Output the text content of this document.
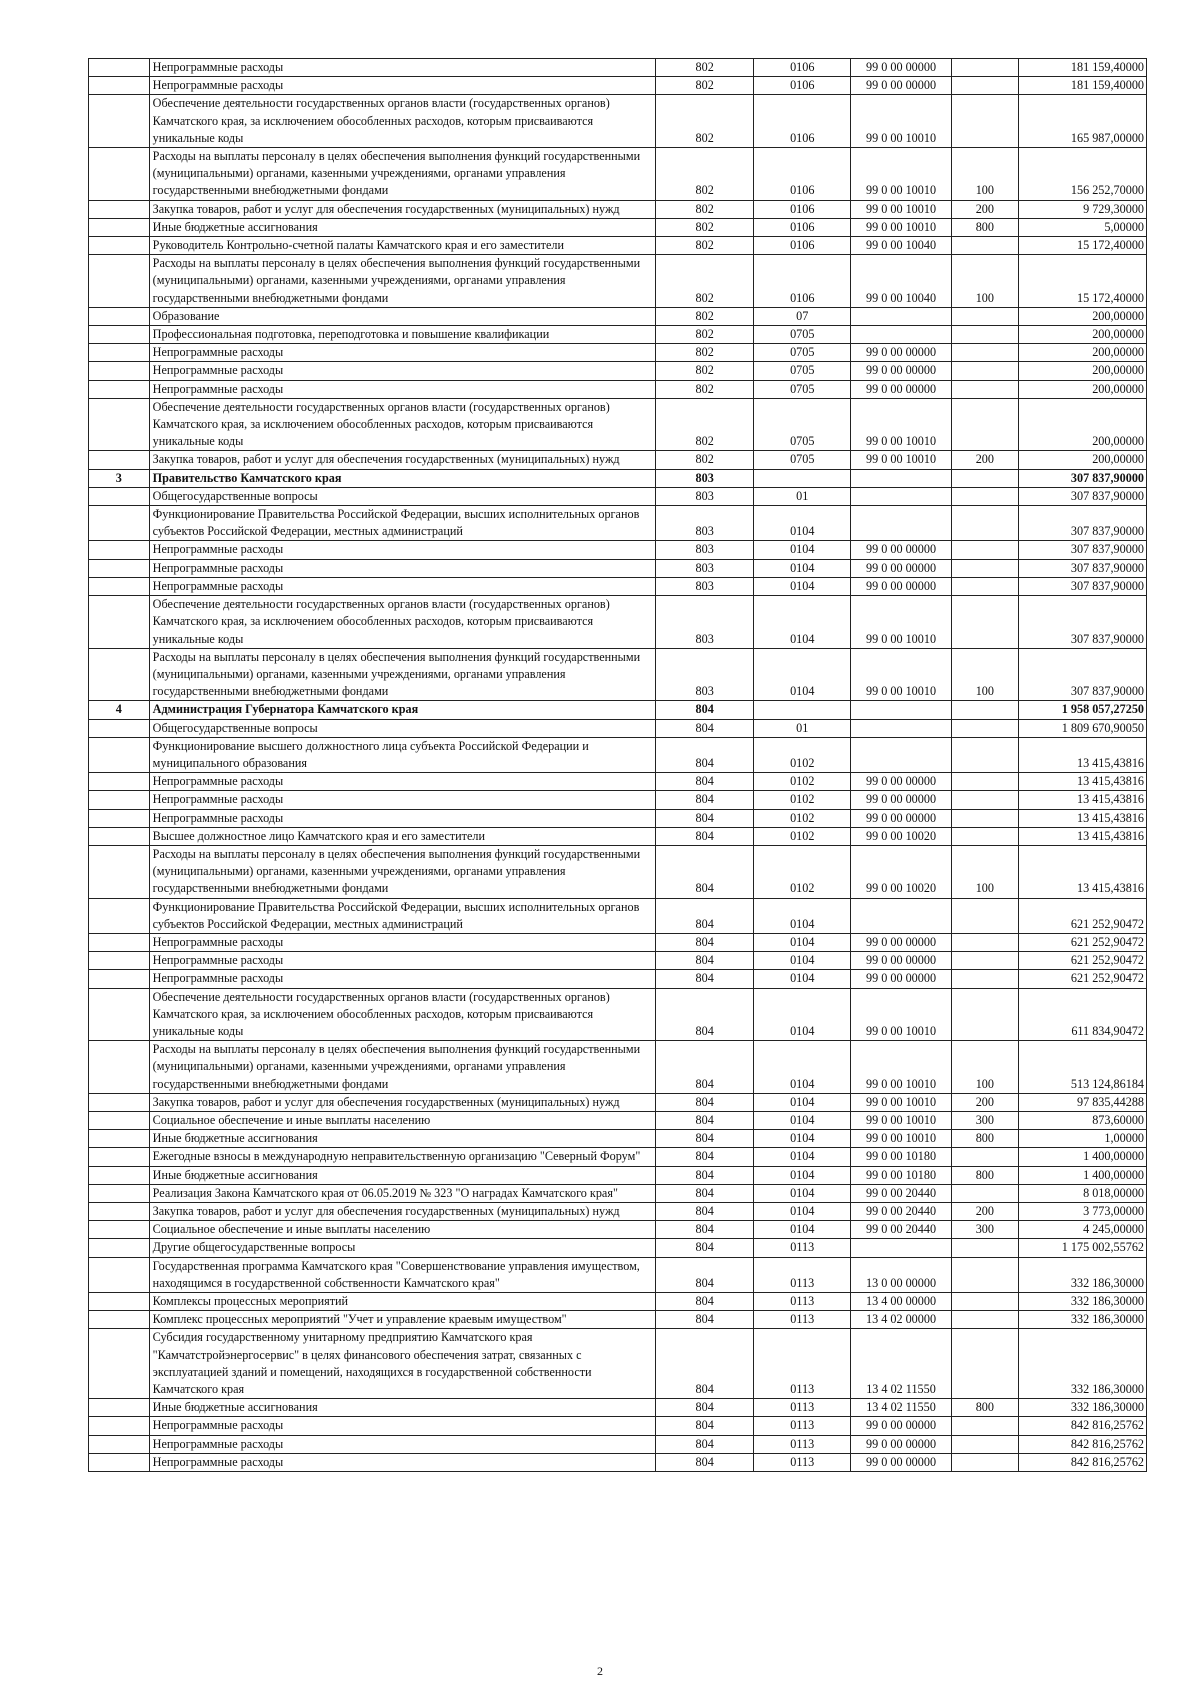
	Непрограммные расходы	802	0106	99 0 00 00000		181 159,40000
	Непрограммные расходы	802	0106	99 0 00 00000		181 159,40000
	Обеспечение деятельности государственных органов власти (государственных органов) Камчатского края, за исключением обособленных расходов, которым присваиваются уникальные коды	802	0106	99 0 00 10010		165 987,00000
	Расходы на выплаты персоналу в целях обеспечения выполнения функций государственными (муниципальными) органами, казенными учреждениями, органами управления государственными внебюджетными фондами	802	0106	99 0 00 10010	100	156 252,70000
	Закупка товаров, работ и услуг для обеспечения государственных (муниципальных) нужд	802	0106	99 0 00 10010	200	9 729,30000
	Иные бюджетные ассигнования	802	0106	99 0 00 10010	800	5,00000
	Руководитель Контрольно-счетной палаты Камчатского края и его заместители	802	0106	99 0 00 10040		15 172,40000
	Расходы на выплаты персоналу в целях обеспечения выполнения функций государственными (муниципальными) органами, казенными учреждениями, органами управления государственными внебюджетными фондами	802	0106	99 0 00 10040	100	15 172,40000
	Образование	802	07			200,00000
	Профессиональная подготовка, переподготовка и повышение квалификации	802	0705			200,00000
	Непрограммные расходы	802	0705	99 0 00 00000		200,00000
	Непрограммные расходы	802	0705	99 0 00 00000		200,00000
	Непрограммные расходы	802	0705	99 0 00 00000		200,00000
	Обеспечение деятельности государственных органов власти (государственных органов) Камчатского края, за исключением обособленных расходов, которым присваиваются уникальные коды	802	0705	99 0 00 10010		200,00000
	Закупка товаров, работ и услуг для обеспечения государственных (муниципальных) нужд	802	0705	99 0 00 10010	200	200,00000
3	Правительство Камчатского края	803				307 837,90000
	Общегосударственные вопросы	803	01			307 837,90000
	Функционирование Правительства Российской Федерации, высших исполнительных органов субъектов Российской Федерации, местных администраций	803	0104			307 837,90000
	Непрограммные расходы	803	0104	99 0 00 00000		307 837,90000
	Непрограммные расходы	803	0104	99 0 00 00000		307 837,90000
	Непрограммные расходы	803	0104	99 0 00 00000		307 837,90000
	Обеспечение деятельности государственных органов власти (государственных органов) Камчатского края, за исключением обособленных расходов, которым присваиваются уникальные коды	803	0104	99 0 00 10010		307 837,90000
	Расходы на выплаты персоналу в целях обеспечения выполнения функций государственными (муниципальными) органами, казенными учреждениями, органами управления государственными внебюджетными фондами	803	0104	99 0 00 10010	100	307 837,90000
4	Администрация Губернатора Камчатского края	804				1 958 057,27250
	Общегосударственные вопросы	804	01			1 809 670,90050
	Функционирование высшего должностного лица субъекта Российской Федерации и муниципального образования	804	0102			13 415,43816
	Непрограммные расходы	804	0102	99 0 00 00000		13 415,43816
	Непрограммные расходы	804	0102	99 0 00 00000		13 415,43816
	Непрограммные расходы	804	0102	99 0 00 00000		13 415,43816
	Высшее должностное лицо Камчатского края и его заместители	804	0102	99 0 00 10020		13 415,43816
	Расходы на выплаты персоналу в целях обеспечения выполнения функций государственными (муниципальными) органами, казенными учреждениями, органами управления государственными внебюджетными фондами	804	0102	99 0 00 10020	100	13 415,43816
	Функционирование Правительства Российской Федерации, высших исполнительных органов субъектов Российской Федерации, местных администраций	804	0104			621 252,90472
	Непрограммные расходы	804	0104	99 0 00 00000		621 252,90472
	Непрограммные расходы	804	0104	99 0 00 00000		621 252,90472
	Непрограммные расходы	804	0104	99 0 00 00000		621 252,90472
	Обеспечение деятельности государственных органов власти (государственных органов) Камчатского края, за исключением обособленных расходов, которым присваиваются уникальные коды	804	0104	99 0 00 10010		611 834,90472
	Расходы на выплаты персоналу в целях обеспечения выполнения функций государственными (муниципальными) органами, казенными учреждениями, органами управления государственными внебюджетными фондами	804	0104	99 0 00 10010	100	513 124,86184
	Закупка товаров, работ и услуг для обеспечения государственных (муниципальных) нужд	804	0104	99 0 00 10010	200	97 835,44288
	Социальное обеспечение и иные выплаты населению	804	0104	99 0 00 10010	300	873,60000
	Иные бюджетные ассигнования	804	0104	99 0 00 10010	800	1,00000
	Ежегодные взносы в международную неправительственную организацию "Северный Форум"	804	0104	99 0 00 10180		1 400,00000
	Иные бюджетные ассигнования	804	0104	99 0 00 10180	800	1 400,00000
	Реализация Закона Камчатского края от 06.05.2019 № 323 "О наградах Камчатского края"	804	0104	99 0 00 20440		8 018,00000
	Закупка товаров, работ и услуг для обеспечения государственных (муниципальных) нужд	804	0104	99 0 00 20440	200	3 773,00000
	Социальное обеспечение и иные выплаты населению	804	0104	99 0 00 20440	300	4 245,00000
	Другие общегосударственные вопросы	804	0113			1 175 002,55762
	Государственная программа Камчатского края "Совершенствование управления имуществом, находящимся в государственной собственности Камчатского края"	804	0113	13 0 00 00000		332 186,30000
	Комплексы процессных мероприятий	804	0113	13 4 00 00000		332 186,30000
	Комплекс процессных мероприятий "Учет и управление краевым имуществом"	804	0113	13 4 02 00000		332 186,30000
	Субсидия государственному унитарному предприятию Камчатского края "Камчатстройэнергосервис" в целях финансового обеспечения затрат, связанных с эксплуатацией зданий и помещений, находящихся в государственной собственности Камчатского края	804	0113	13 4 02 11550		332 186,30000
	Иные бюджетные ассигнования	804	0113	13 4 02 11550	800	332 186,30000
	Непрограммные расходы	804	0113	99 0 00 00000		842 816,25762
	Непрограммные расходы	804	0113	99 0 00 00000		842 816,25762
	Непрограммные расходы	804	0113	99 0 00 00000		842 816,25762
2
